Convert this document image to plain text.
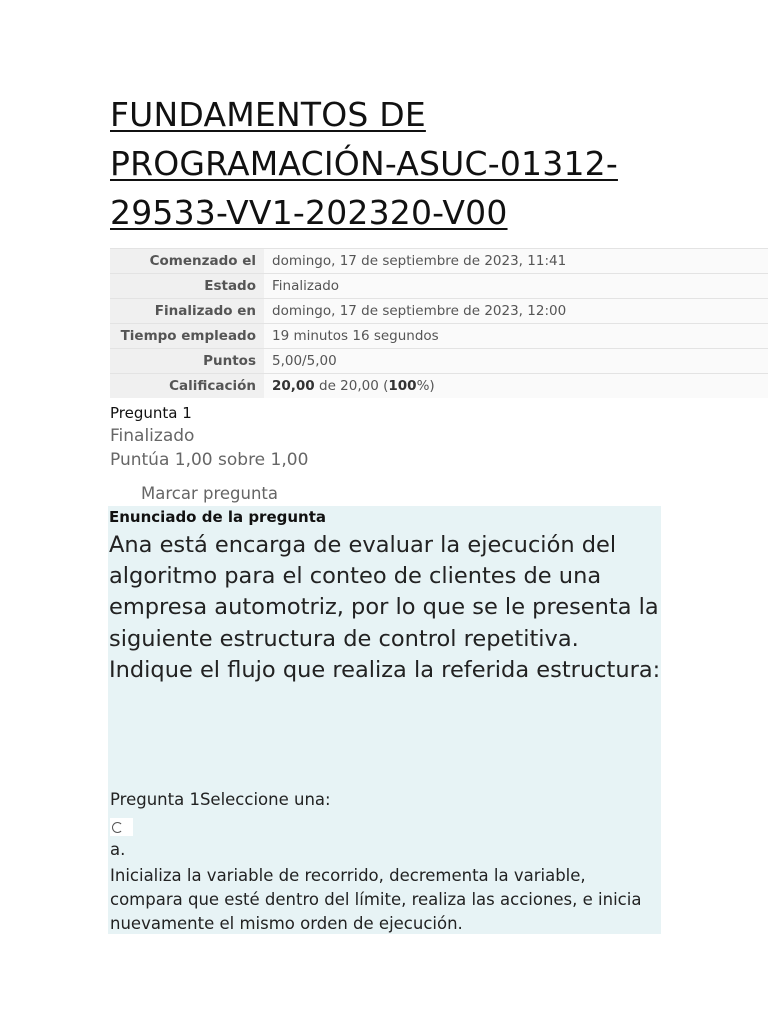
FUNDAMENTOS DE
PROGRAMACIÓN-ASUC-01312-
29533-VV1-202320-V00
Comenzado el	domingo, 17 de septiembre de 2023, 11:41
Estado	Finalizado
Finalizado en	domingo, 17 de septiembre de 2023, 12:00
Tiempo empleado	19 minutos 16 segundos
Puntos	5,00/5,00
Calificación	20,00 de 20,00 (100%)
Pregunta 1
Finalizado
Puntúa 1,00 sobre 1,00
Marcar pregunta
Enunciado de la pregunta

Ana está encarga de evaluar la ejecución del algoritmo para el conteo de clientes de una empresa automotriz, por lo que se le presenta la siguiente estructura de control repetitiva. Indique el flujo que realiza la referida estructura:

Pregunta 1Seleccione una:
a.

Inicializa la variable de recorrido, decrementa la variable, compara que esté dentro del límite, realiza las acciones, e inicia nuevamente el mismo orden de ejecución.
